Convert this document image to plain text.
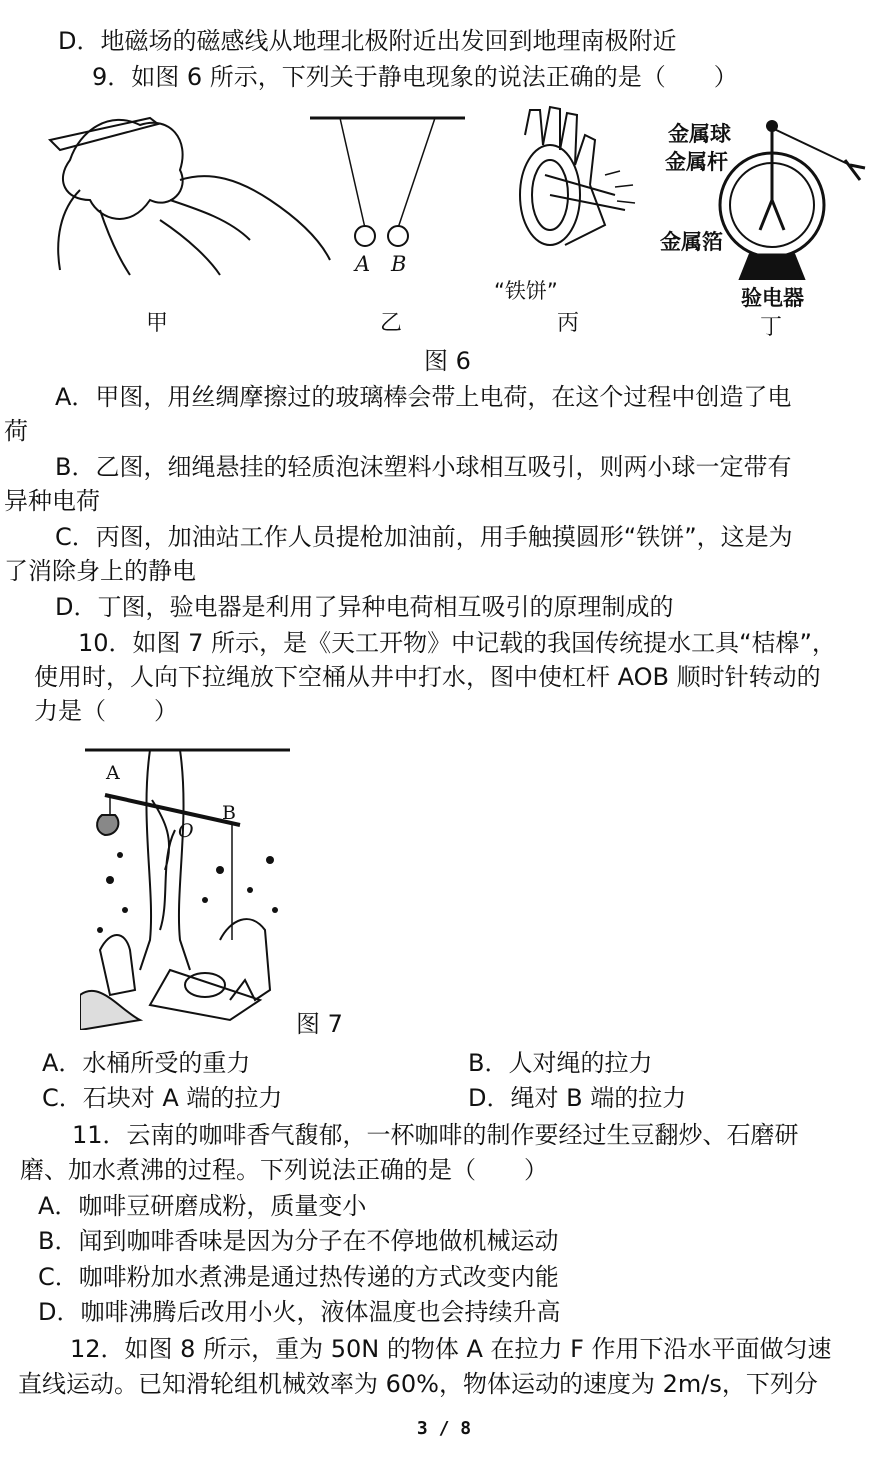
D．地磁场的磁感线从地理北极附近出发回到地理南极附近
9．如图 6 所示，下列关于静电现象的说法正确的是（　　）
甲
A B
乙
“铁饼”
丙
金属球
金属杆
金属箔
验电器
丁
图 6
A．甲图，用丝绸摩擦过的玻璃棒会带上电荷，在这个过程中创造了电
荷
B．乙图，细绳悬挂的轻质泡沫塑料小球相互吸引，则两小球一定带有
异种电荷
C．丙图，加油站工作人员提枪加油前，用手触摸圆形“铁饼”，这是为
了消除身上的静电
D．丁图，验电器是利用了异种电荷相互吸引的原理制成的
10．如图 7 所示，是《天工开物》中记载的我国传统提水工具“桔槔”，
使用时，人向下拉绳放下空桶从井中打水，图中使杠杆 AOB 顺时针转动的
力是（　　）
A
O
B
图 7
A．水桶所受的重力	B．人对绳的拉力
C．石块对 A 端的拉力	D．绳对 B 端的拉力
11．云南的咖啡香气馥郁，一杯咖啡的制作要经过生豆翻炒、石磨研
磨、加水煮沸的过程。下列说法正确的是（　　）
A．咖啡豆研磨成粉，质量变小
B．闻到咖啡香味是因为分子在不停地做机械运动
C．咖啡粉加水煮沸是通过热传递的方式改变内能
D．咖啡沸腾后改用小火，液体温度也会持续升高
12．如图 8 所示，重为 50N 的物体 A 在拉力 F 作用下沿水平面做匀速
直线运动。已知滑轮组机械效率为 60%，物体运动的速度为 2m/s，下列分
3 / 8
